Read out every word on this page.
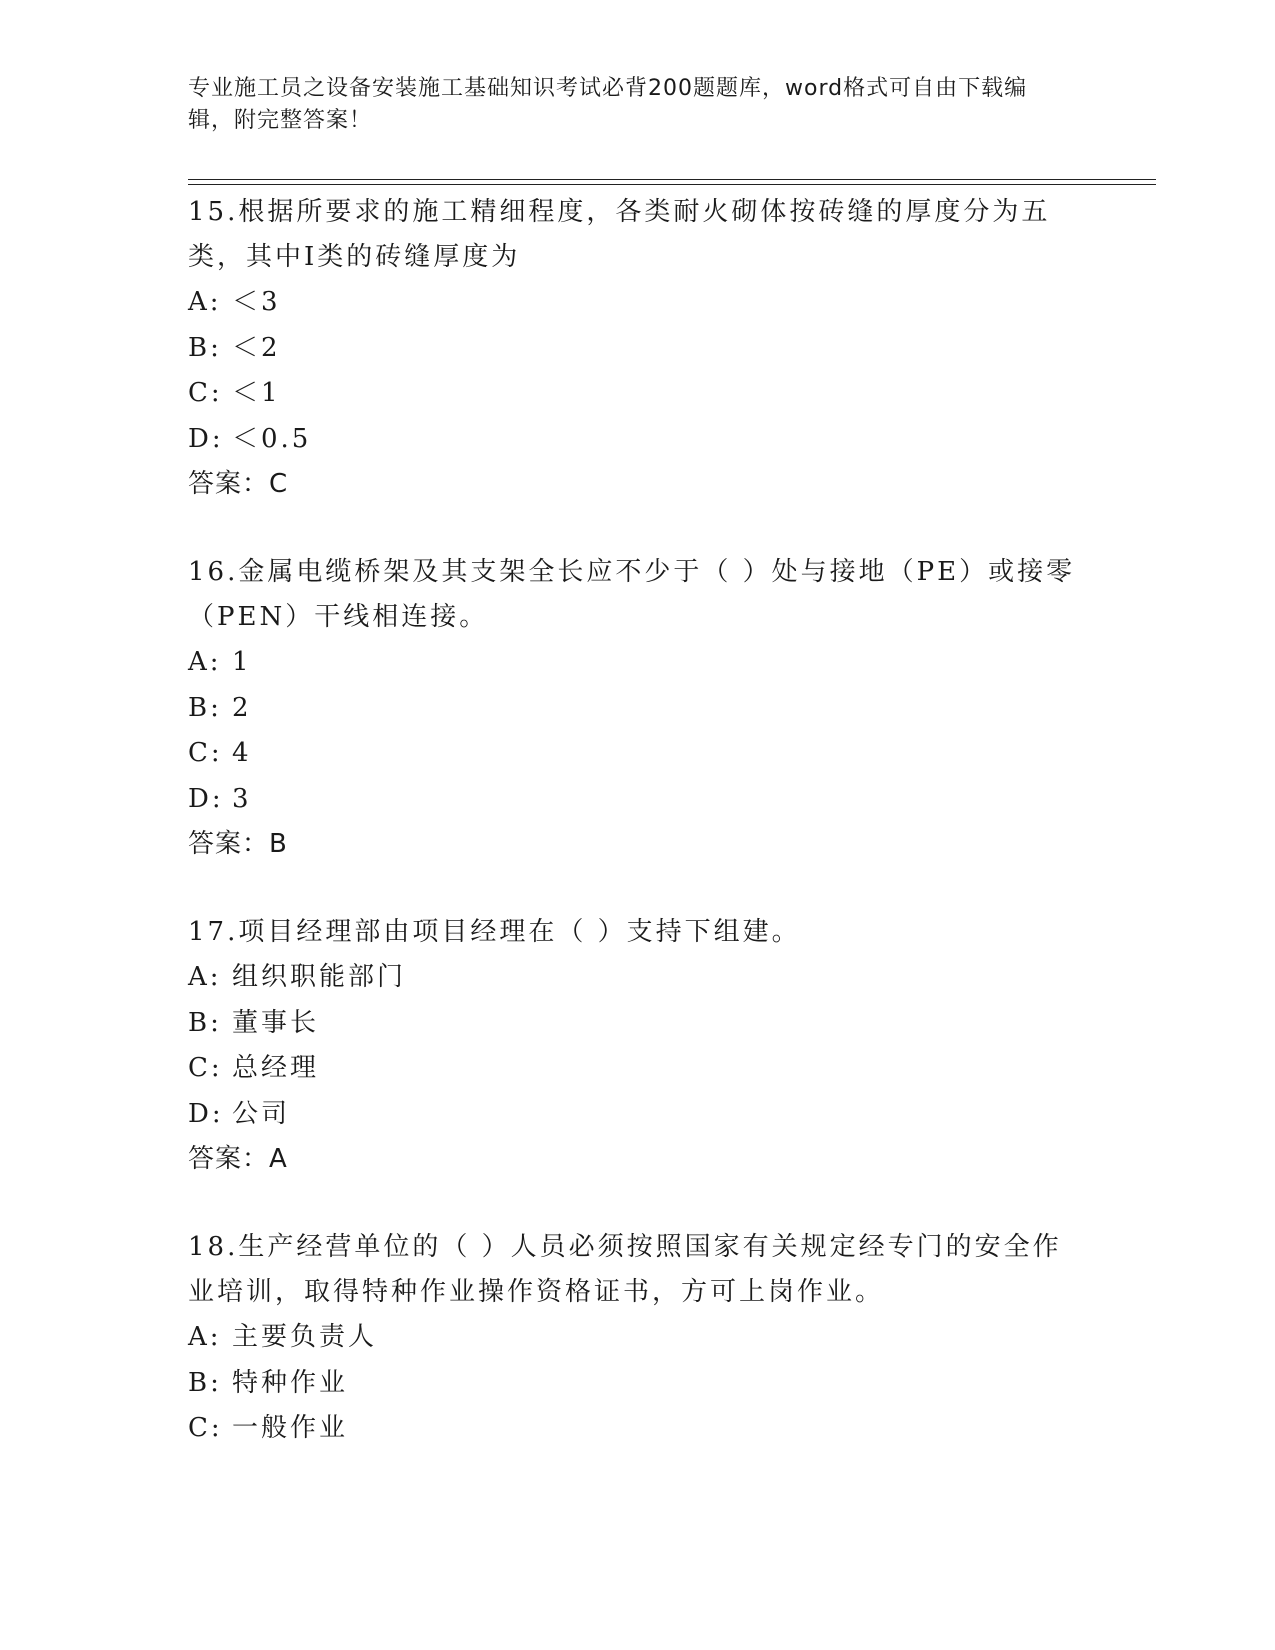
专业施工员之设备安装施工基础知识考试必背200题题库，word格式可自由下载编辑，附完整答案！

15.根据所要求的施工精细程度，各类耐火砌体按砖缝的厚度分为五类，其中Ⅰ类的砖缝厚度为

A: ＜3

B: ＜2

C: ＜1

D: ＜0.5

答案：C

16.金属电缆桥架及其支架全长应不少于（ ）处与接地（PE）或接零（PEN）干线相连接。

A: 1

B: 2

C: 4

D: 3

答案：B

17.项目经理部由项目经理在（ ）支持下组建。

A: 组织职能部门

B: 董事长

C: 总经理

D: 公司

答案：A

18.生产经营单位的（ ）人员必须按照国家有关规定经专门的安全作业培训，取得特种作业操作资格证书，方可上岗作业。

A: 主要负责人

B: 特种作业

C: 一般作业
